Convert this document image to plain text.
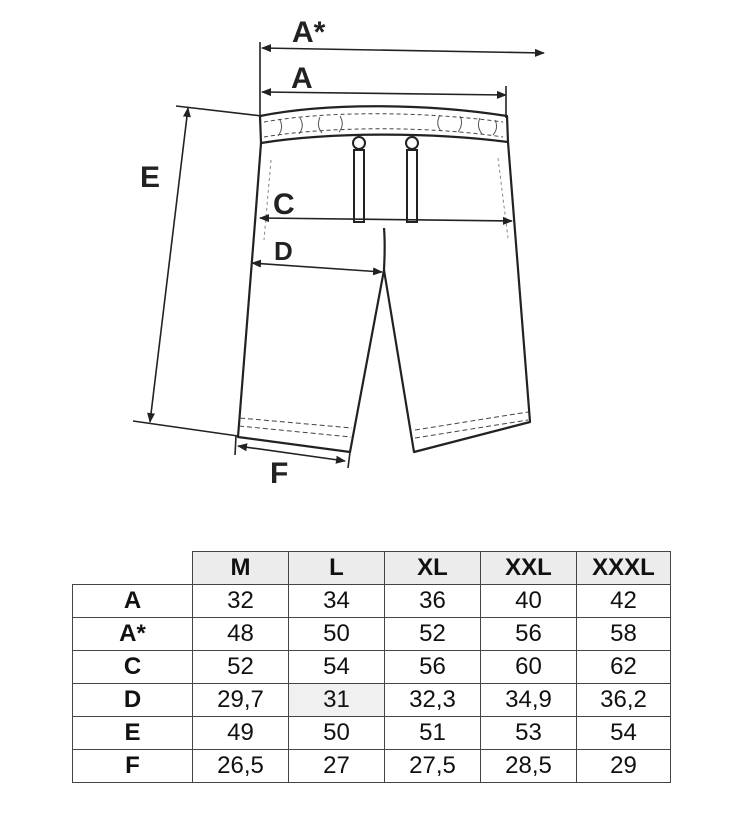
A*
A
E
C
D
F
	M	L	XL	XXL	XXXL
A	32	34	36	40	42
A*	48	50	52	56	58
C	52	54	56	60	62
D	29,7	31	32,3	34,9	36,2
E	49	50	51	53	54
F	26,5	27	27,5	28,5	29
